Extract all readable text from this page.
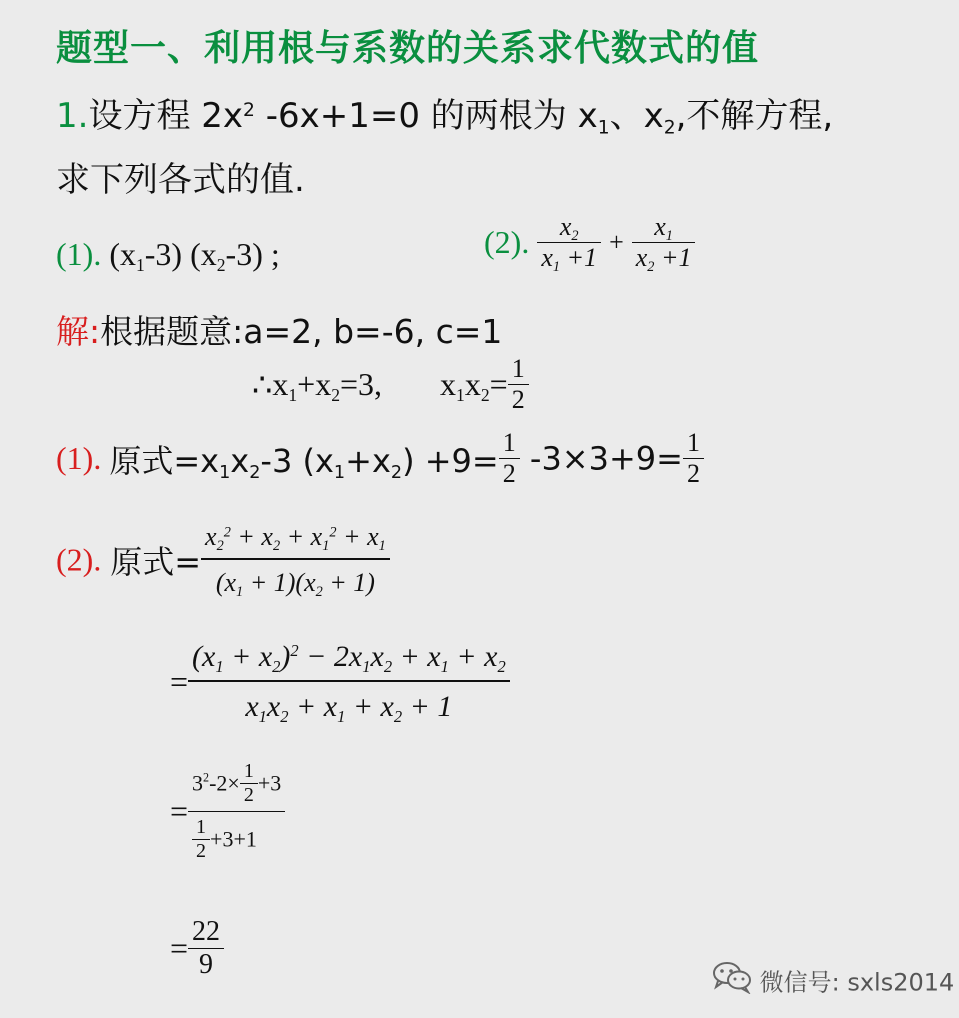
题型一、利用根与系数的关系求代数式的值
1.设方程 $2x^2$ -6x+1=0 的两根为 $x_1$、$x_2$,不解方程,
求下列各式的值.
(1). $(x_1-3)$ $(x_2-3)$ ;	(2). $\frac{x_2}{x_1 +1} + \frac{x_1}{x_2 +1}$
解:根据题意:a=2, b=-6, c=1
$\therefore x_1+x_2=3$, $x_1x_2= \frac{1}{2}$
(1). 原式$=x_1x_2-3$ $(x_1+x_2) +9= \frac{1}{2} -3\times 3+9= \frac{1}{2}$
(2). 原式= $\frac{x_2^2 + x_2 + x_1^2 + x_1}{(x_1 + 1)(x_2 + 1)}$
= $\frac{(x_1 + x_2)^2 - 2x_1x_2 + x_1 + x_2}{x_1x_2 + x_1 + x_2 + 1}$
= $\frac{3^2-2\times \frac{1}{2} +3}{\frac{1}{2} +3+1}$
= $\frac{22}{9}$
微信号: sxls2014
